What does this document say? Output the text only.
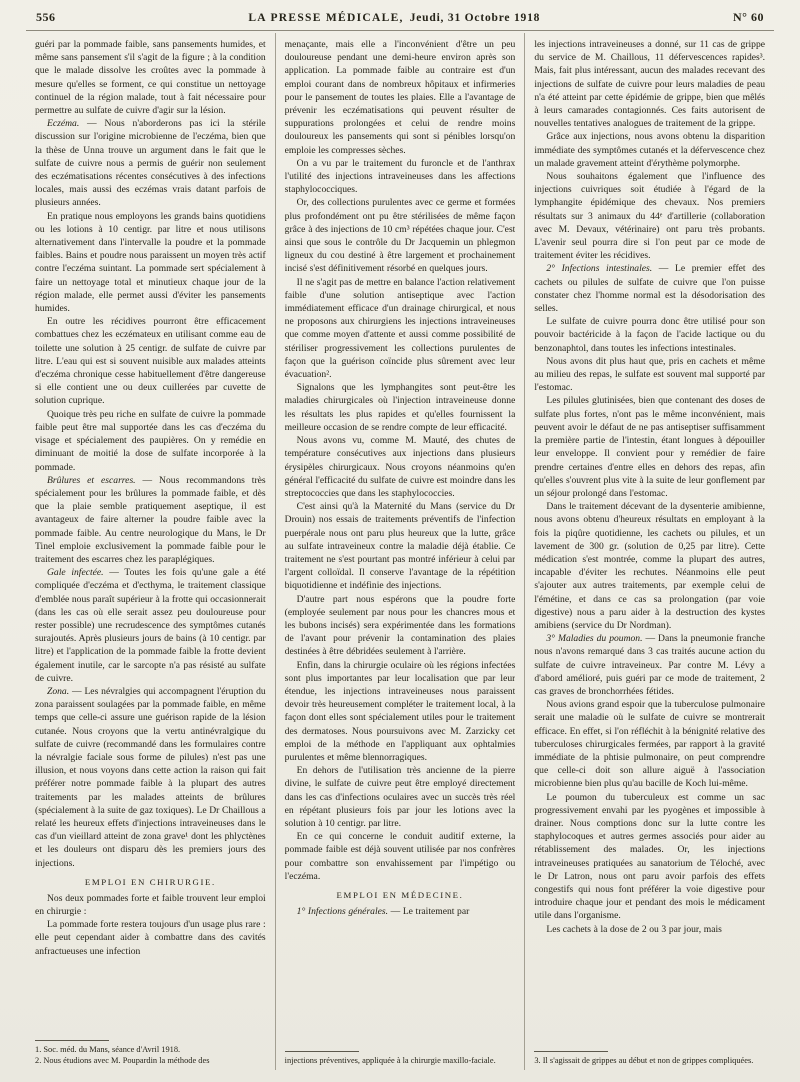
556	LA PRESSE MÉDICALE, Jeudi, 31 Octobre 1918	N° 60

guéri par la pommade faible, sans pansements humides, et même sans pansement s'il s'agit de la figure ; à la condition que le malade dissolve les croûtes avec la pommade à mesure qu'elles se forment, ce qui constitue un nettoyage continuel de la région malade, tout à fait nécessaire pour permettre au sulfate de cuivre d'agir sur la lésion.

Eczéma. — Nous n'aborderons pas ici la stérile discussion sur l'origine microbienne de l'eczéma, bien que la thèse de Unna trouve un argument dans le fait que le sulfate de cuivre nous a permis de guérir non seulement des eczématisations récentes consécutives à des infections locales, mais aussi des eczémas vrais datant parfois de plusieurs années.

En pratique nous employons les grands bains quotidiens ou les lotions à 10 centigr. par litre et nous utilisons alternativement dans l'intervalle la poudre et la pommade faibles. Bains et poudre nous paraissent un moyen très actif contre l'eczéma suintant. La pommade sert spécialement à faire un nettoyage total et minutieux chaque jour de la région malade, elle permet aussi d'éviter les pansements humides.

En outre les récidives pourront être efficacement combattues chez les eczémateux en utilisant comme eau de toilette une solution à 25 centigr. de sulfate de cuivre par litre. L'eau qui est si souvent nuisible aux malades atteints d'eczéma chronique cesse habituellement d'être dangereuse si elle contient une ou deux cuillerées par cuvette de solution cuprique.

Quoique très peu riche en sulfate de cuivre la pommade faible peut être mal supportée dans les cas d'eczéma du visage et spécialement des paupières. On y remédie en diminuant de moitié la dose de sulfate incorporée à la pommade.

Brûlures et escarres. — Nous recommandons très spécialement pour les brûlures la pommade faible, et dès que la plaie semble pratiquement aseptique, il est avantageux de faire alterner la poudre faible avec la pommade faible. Au centre neurologique du Mans, le Dr Tinel emploie exclusivement la pommade faible pour le traitement des escarres chez les paraplégiques.

Gale infectée. — Toutes les fois qu'une gale a été compliquée d'eczéma et d'ecthyma, le traitement classique d'emblée nous paraît supérieur à la frotte qui occasionnerait (dans les cas où elle serait assez peu douloureuse pour rester possible) une recrudescence des symptômes cutanés surajoutés. Après plusieurs jours de bains (à 10 centigr. par litre) et l'application de la pommade faible la frotte devient également inutile, car le sarcopte n'a pas résisté au sulfate de cuivre.

Zona. — Les névralgies qui accompagnent l'éruption du zona paraissent soulagées par la pommade faible, en même temps que celle-ci assure une guérison rapide de la lésion cutanée. Nous croyons que la vertu antinévralgique du sulfate de cuivre (recommandé dans les formulaires contre la névralgie faciale sous forme de pilules) n'est pas une illusion, et nous voyons dans cette action la raison qui fait préférer notre pommade faible à la plupart des autres traitements par les malades atteints de brûlures (spécialement à la suite de gaz toxiques). Le Dr Chaillous a relaté les heureux effets d'injections intraveineuses dans le cas d'un vieillard atteint de zona grave¹ dont les phlyctènes et les douleurs ont disparu dès les premiers jours des injections.

EMPLOI EN CHIRURGIE.

Nos deux pommades forte et faible trouvent leur emploi en chirurgie :

La pommade forte restera toujours d'un usage plus rare : elle peut cependant aider à combattre dans des cavités anfractueuses une infection

1. Soc. méd. du Mans, séance d'Avril 1918.

2. Nous étudions avec M. Poupardin la méthode des

menaçante, mais elle a l'inconvénient d'être un peu douloureuse pendant une demi-heure environ après son application. La pommade faible au contraire est d'un emploi courant dans de nombreux hôpitaux et infirmeries pour le pansement de toutes les plaies. Elle a l'avantage de prévenir les eczématisations qui peuvent résulter de suppurations prolongées et celui de rendre moins douloureux les pansements qui sont si pénibles lorsqu'on emploie les compresses sèches.

On a vu par le traitement du furoncle et de l'anthrax l'utilité des injections intraveineuses dans les affections staphylococciques.

Or, des collections purulentes avec ce germe et formées plus profondément ont pu être stérilisées de même façon grâce à des injections de 10 cm³ répétées chaque jour. C'est ainsi que sous le contrôle du Dr Jacquemin un phlegmon ligneux du cou destiné à être largement et prochainement incisé s'est définitivement résorbé en quelques jours.

Il ne s'agit pas de mettre en balance l'action relativement faible d'une solution antiseptique avec l'action immédiatement efficace d'un drainage chirurgical, et nous ne proposons aux chirurgiens les injections intraveineuses que comme moyen d'attente et aussi comme possibilité de stériliser progressivement les collections purulentes de façon que la guérison coïncide plus sûrement avec leur évacuation².

Signalons que les lymphangites sont peut-être les maladies chirurgicales où l'injection intraveineuse donne les résultats les plus rapides et qu'elles fournissent la meilleure occasion de se rendre compte de leur efficacité.

Nous avons vu, comme M. Mauté, des chutes de température consécutives aux injections dans plusieurs érysipèles chirurgicaux. Nous croyons néanmoins qu'en général l'efficacité du sulfate de cuivre est moindre dans les streptococcies que dans les staphylococcies.

C'est ainsi qu'à la Maternité du Mans (service du Dr Drouin) nos essais de traitements préventifs de l'infection puerpérale nous ont paru plus heureux que la lutte, grâce au sulfate intraveineux contre la maladie déjà établie. Ce traitement ne s'est pourtant pas montré inférieur à celui par l'argent colloïdal. Il conserve l'avantage de la répétition biquotidienne et indéfinie des injections.

D'autre part nous espérons que la poudre forte (employée seulement par nous pour les chancres mous et les bubons incisés) sera expérimentée dans les formations de l'avant pour prévenir la contamination des plaies destinées à être débridées seulement à l'arrière.

Enfin, dans la chirurgie oculaire où les régions infectées sont plus importantes par leur localisation que par leur étendue, les injections intraveineuses nous paraissent devoir très heureusement compléter le traitement local, à la façon dont elles sont spécialement utiles pour le traitement des dermatoses. Nous poursuivons avec M. Zarzicky cet emploi de la méthode en l'appliquant aux ophtalmies purulentes et même blennorragiques.

En dehors de l'utilisation très ancienne de la pierre divine, le sulfate de cuivre peut être employé directement dans les cas d'infections oculaires avec un succès très réel en répétant plusieurs fois par jour les lotions avec la solution à 10 centigr. par litre.

En ce qui concerne le conduit auditif externe, la pommade faible est déjà souvent utilisée par nos confrères pour combattre son envahissement par l'impétigo ou l'eczéma.

EMPLOI EN MÉDECINE.

1° Infections générales. — Le traitement par

injections préventives, appliquée à la chirurgie maxillo-faciale.

les injections intraveineuses a donné, sur 11 cas de grippe du service de M. Chaillous, 11 défervescences rapides³. Mais, fait plus intéressant, aucun des malades recevant des injections de sulfate de cuivre pour leurs maladies de peau n'a été atteint par cette épidémie de grippe, bien que mêlés à leurs camarades contagionnés. Ces faits autorisent de nouvelles tentatives analogues de traitement de la grippe.

Grâce aux injections, nous avons obtenu la disparition immédiate des symptômes cutanés et la défervescence chez un malade gravement atteint d'érythème polymorphe.

Nous souhaitons également que l'influence des injections cuivriques soit étudiée à l'égard de la lymphangite épidémique des chevaux. Nos premiers résultats sur 3 animaux du 44ᵉ d'artillerie (collaboration avec M. Devaux, vétérinaire) ont paru très probants. L'avenir seul pourra dire si l'on peut par ce mode de traitement éviter les récidives.

2° Infections intestinales. — Le premier effet des cachets ou pilules de sulfate de cuivre que l'on puisse constater chez l'homme normal est la désodorisation des selles.

Le sulfate de cuivre pourra donc être utilisé pour son pouvoir bactéricide à la façon de l'acide lactique ou du benzonaphtol, dans toutes les infections intestinales.

Nous avons dit plus haut que, pris en cachets et même au milieu des repas, le sulfate est souvent mal supporté par l'estomac.

Les pilules glutinisées, bien que contenant des doses de sulfate plus fortes, n'ont pas le même inconvénient, mais peuvent avoir le défaut de ne pas antiseptiser suffisamment la première partie de l'intestin, étant longues à dépouiller leur enveloppe. Il convient pour y remédier de faire prendre certaines d'entre elles en dehors des repas, afin qu'elles s'ouvrent plus vite à la suite de leur gonflement par un séjour prolongé dans l'estomac.

Dans le traitement décevant de la dysenterie amibienne, nous avons obtenu d'heureux résultats en employant à la fois la piqûre quotidienne, les cachets ou pilules, et un lavement de 300 gr. (solution de 0,25 par litre). Cette médication s'est montrée, comme la plupart des autres, incapable d'éviter les rechutes. Néanmoins elle peut s'ajouter aux autres traitements, par exemple celui de l'émétine, et dans ce cas sa prolongation (par voie digestive) nous a paru aider à la destruction des kystes amibiens (service du Dr Nordman).

3° Maladies du poumon. — Dans la pneumonie franche nous n'avons remarqué dans 3 cas traités aucune action du sulfate de cuivre intraveineux. Par contre M. Lévy a d'abord amélioré, puis guéri par ce mode de traitement, 2 cas graves de bronchorrhées fétides.

Nous avions grand espoir que la tuberculose pulmonaire serait une maladie où le sulfate de cuivre se montrerait efficace. En effet, si l'on réfléchit à la bénignité relative des tuberculoses chirurgicales fermées, par rapport à la gravité immédiate de la phtisie pulmonaire, on peut comprendre que celle-ci doit son allure aiguë à l'association microbienne bien plus qu'au bacille de Koch lui-même.

Le poumon du tuberculeux est comme un sac progressivement envahi par les pyogènes et impossible à drainer. Nous comptions donc sur la lutte contre les staphylocoques et autres germes associés pour aider au rétablissement des malades. Or, les injections intraveineuses pratiquées au sanatorium de Téloché, avec le Dr Latron, nous ont paru avoir parfois des effets congestifs qui nous font préférer la voie digestive pour introduire chaque jour et pendant des mois le médicament utile dans l'organisme.

Les cachets à la dose de 2 ou 3 par jour, mais

3. Il s'agissait de grippes au début et non de grippes compliquées.
